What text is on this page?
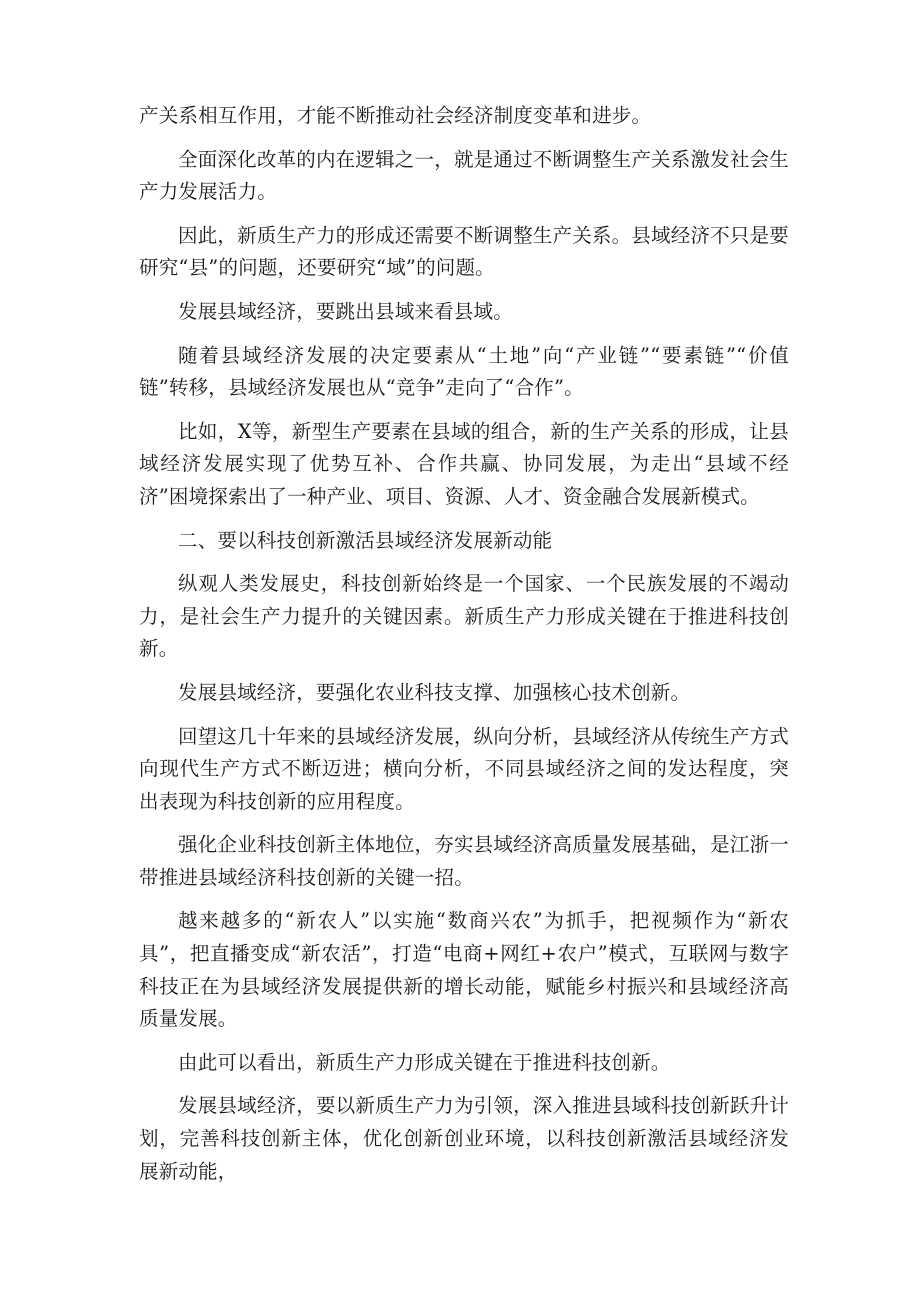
产关系相互作用，才能不断推动社会经济制度变革和进步。

全面深化改革的内在逻辑之一，就是通过不断调整生产关系激发社会生产力发展活力。

因此，新质生产力的形成还需要不断调整生产关系。县域经济不只是要研究“县”的问题，还要研究“域”的问题。

发展县域经济，要跳出县域来看县域。

随着县域经济发展的决定要素从“土地”向“产业链”“要素链”“价值链”转移，县域经济发展也从“竞争”走向了“合作”。

比如，X等，新型生产要素在县域的组合，新的生产关系的形成，让县域经济发展实现了优势互补、合作共赢、协同发展，为走出“县域不经济”困境探索出了一种产业、项目、资源、人才、资金融合发展新模式。

二、要以科技创新激活县域经济发展新动能

纵观人类发展史，科技创新始终是一个国家、一个民族发展的不竭动力，是社会生产力提升的关键因素。新质生产力形成关键在于推进科技创新。

发展县域经济，要强化农业科技支撑、加强核心技术创新。

回望这几十年来的县域经济发展，纵向分析，县域经济从传统生产方式向现代生产方式不断迈进；横向分析，不同县域经济之间的发达程度，突出表现为科技创新的应用程度。

强化企业科技创新主体地位，夯实县域经济高质量发展基础，是江浙一带推进县域经济科技创新的关键一招。

越来越多的“新农人”以实施“数商兴农”为抓手，把视频作为“新农具”，把直播变成“新农活”，打造“电商+网红+农户”模式，互联网与数字科技正在为县域经济发展提供新的增长动能，赋能乡村振兴和县域经济高质量发展。

由此可以看出，新质生产力形成关键在于推进科技创新。

发展县域经济，要以新质生产力为引领，深入推进县域科技创新跃升计划，完善科技创新主体，优化创新创业环境，以科技创新激活县域经济发展新动能，
